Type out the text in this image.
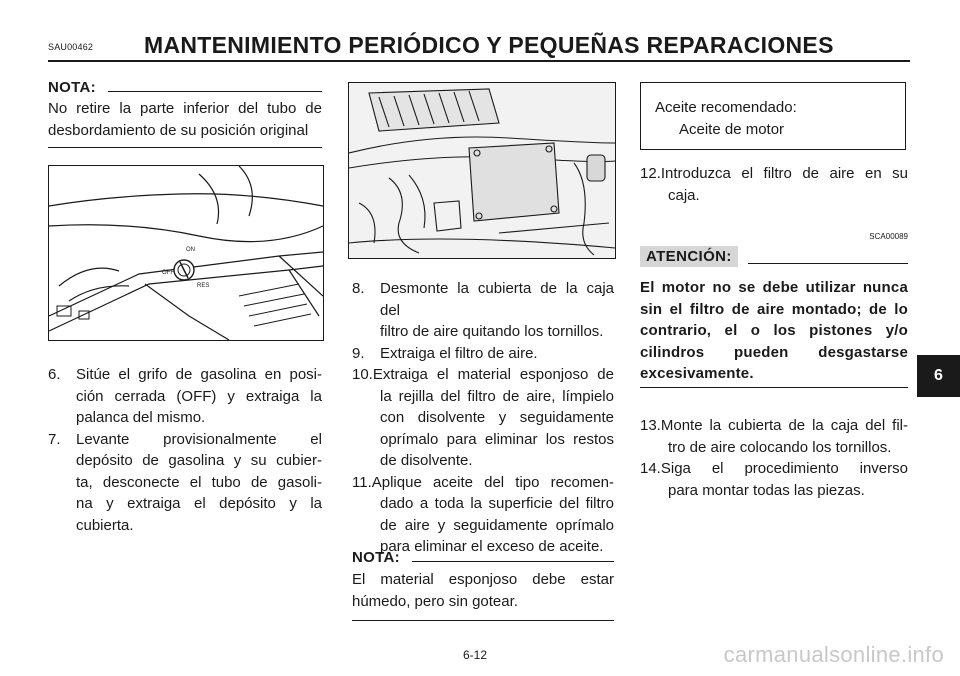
SAU00462 MANTENIMIENTO PERIÓDICO Y PEQUEÑAS REPARACIONES
NOTA:
No retire la parte inferior del tubo de
desbordamiento de su posición original
ON
OFF
RES
6.	Sitúe el grifo de gasolina en posi-
ción cerrada (OFF) y extraiga la
palanca del mismo.
7.	Levante provisionalmente el
depósito de gasolina y su cubier-
ta, desconecte el tubo de gasoli-
na y extraiga el depósito y la
cubierta.
8.	Desmonte la cubierta de la caja del
filtro de aire quitando los tornillos.
9.	Extraiga el filtro de aire.
10. Extraiga el material esponjoso de
la rejilla del filtro de aire, límpielo
con disolvente y seguidamente
oprímalo para eliminar los restos
de disolvente.
11. Aplique aceite del tipo recomen-
dado a toda la superficie del filtro
de aire y seguidamente oprímalo
para eliminar el exceso de aceite.
NOTA:
El material esponjoso debe estar
húmedo, pero sin gotear.
Aceite recomendado:
Aceite de motor
12. Introduzca el filtro de aire en su
caja.
SCA00089
ATENCIÓN:
El motor no se debe utilizar nunca
sin el filtro de aire montado; de lo
contrario, el o los pistones y/o
cilindros pueden desgastarse
excesivamente.
13. Monte la cubierta de la caja del fil-
tro de aire colocando los tornillos.
14. Siga el procedimiento inverso
para montar todas las piezas.
6
6-12	carmanualsonline.info
